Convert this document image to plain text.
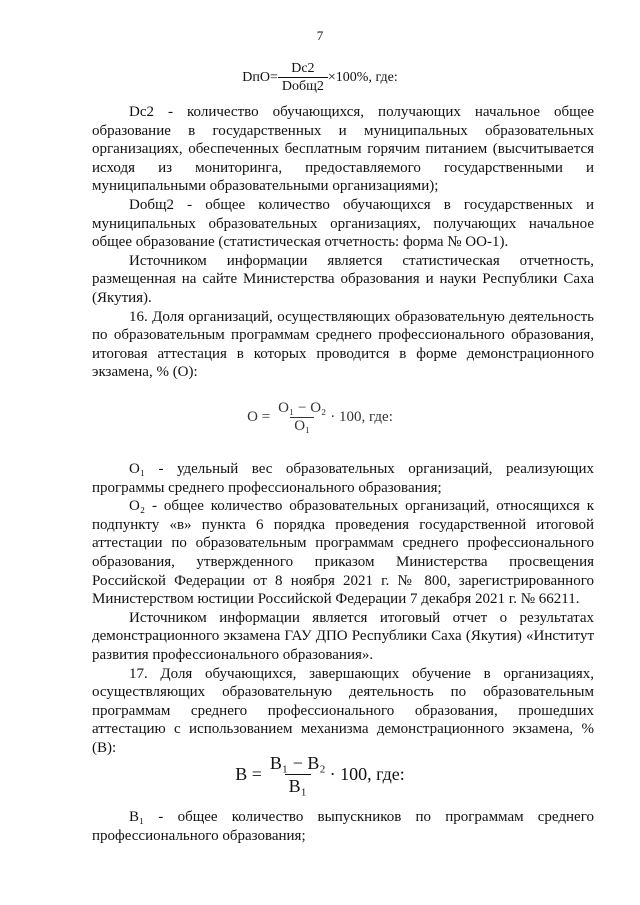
7
$DпО= \frac{Dc2}{\text{Dобщ2}} \times 100\%$, где:

Dc2 - количество обучающихся, получающих начальное общее образование в государственных и муниципальных образовательных организациях, обеспеченных бесплатным горячим питанием (высчитывается исходя из мониторинга, предоставляемого государственными и муниципальными образовательными организациями);

Dобщ2 - общее количество обучающихся в государственных и муниципальных образовательных организациях, получающих начальное общее образование (статистическая отчетность: форма № ОО-1).

Источником информации является статистическая отчетность, размещенная на сайте Министерства образования и науки Республики Саха (Якутия).

16. Доля организаций, осуществляющих образовательную деятельность по образовательным программам среднего профессионального образования, итоговая аттестация в которых проводится в форме демонстрационного экзамена, % (О):

$О = \frac{\text{О₁ − О₂}}{\text{О₁}} \cdot 100$, где:

О₁ - удельный вес образовательных организаций, реализующих программы среднего профессионального образования;

О₂ - общее количество образовательных организаций, относящихся к подпункту «в» пункта 6 порядка проведения государственной итоговой аттестации по образовательным программам среднего профессионального образования, утвержденного приказом Министерства просвещения Российской Федерации от 8 ноября 2021 г. № 800, зарегистрированного Министерством юстиции Российской Федерации 7 декабря 2021 г. № 66211.

Источником информации является итоговый отчет о результатах демонстрационного экзамена ГАУ ДПО Республики Саха (Якутия) «Институт развития профессионального образования».

17. Доля обучающихся, завершающих обучение в организациях, осуществляющих образовательную деятельность по образовательным программам среднего профессионального образования, прошедших аттестацию с использованием механизма демонстрационного экзамена, % (В):

$В = \frac{\text{В₁ − В₂}}{\text{В₁}} \cdot 100$, где:

В₁ - общее количество выпускников по программам среднего профессионального образования;
